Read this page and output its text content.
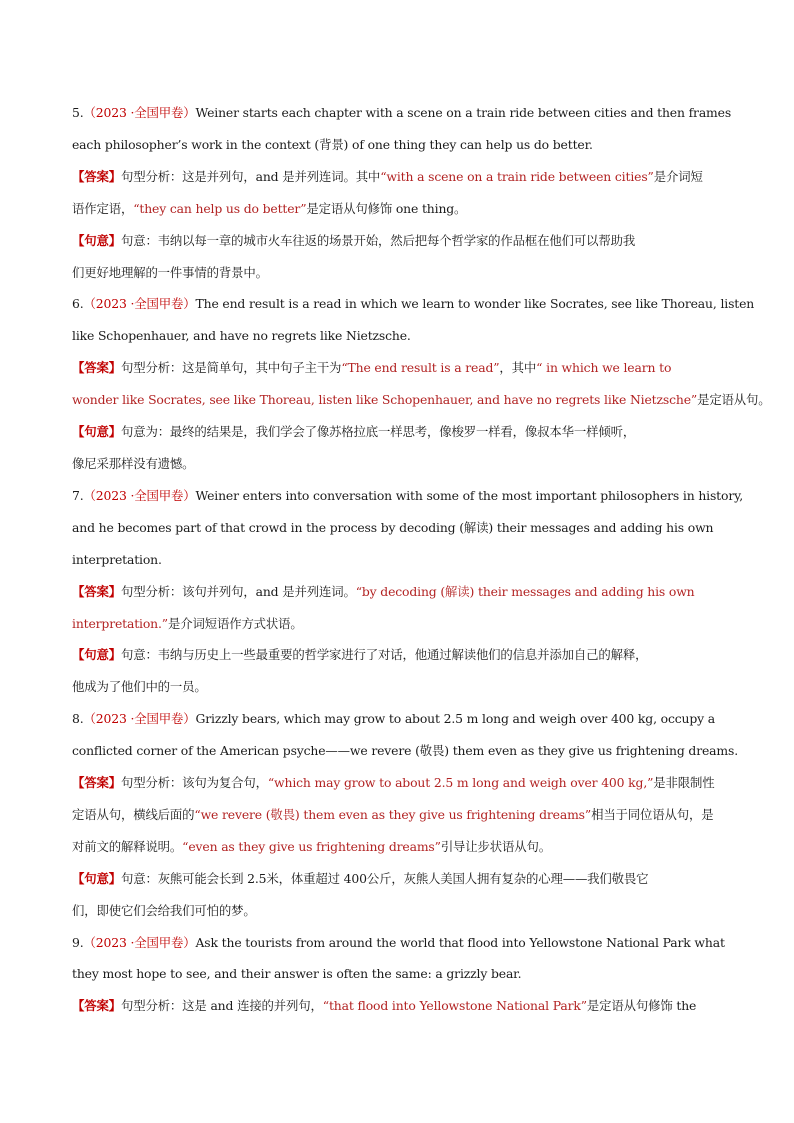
5.（2023 ·全国甲卷）Weiner starts each chapter with a scene on a train ride between cities and then frames
each philosopher’s work in the context (背景) of one thing they can help us do better.
【答案】句型分析：这是并列句，and 是并列连词。其中“with a scene on a train ride between cities”是介词短
语作定语，“they can help us do better”是定语从句修饰 one thing。
【句意】句意：韦纳以每一章的城市火车往返的场景开始，然后把每个哲学家的作品框在他们可以帮助我
们更好地理解的一件事情的背景中。
6.（2023 ·全国甲卷）The end result is a read in which we learn to wonder like Socrates, see like Thoreau, listen
like Schopenhauer, and have no regrets like Nietzsche.
【答案】句型分析：这是简单句，其中句子主干为“The end result is a read”，其中“ in which we learn to
wonder like Socrates, see like Thoreau, listen like Schopenhauer, and have no regrets like Nietzsche”是定语从句。
【句意】句意为：最终的结果是，我们学会了像苏格拉底一样思考，像梭罗一样看，像叔本华一样倾听，
像尼采那样没有遗憾。
7.（2023 ·全国甲卷）Weiner enters into conversation with some of the most important philosophers in history,
and he becomes part of that crowd in the process by decoding (解读) their messages and adding his own
interpretation.
【答案】句型分析：该句并列句，and 是并列连词。“by decoding (解读) their messages and adding his own
interpretation.”是介词短语作方式状语。
【句意】句意：韦纳与历史上一些最重要的哲学家进行了对话，他通过解读他们的信息并添加自己的解释，
他成为了他们中的一员。
8.（2023 ·全国甲卷）Grizzly bears, which may grow to about 2.5 m long and weigh over 400 kg, occupy a
conflicted corner of the American psyche——we revere (敬畏) them even as they give us frightening dreams.
【答案】句型分析：该句为复合句，“which may grow to about 2.5 m long and weigh over 400 kg,”是非限制性
定语从句，横线后面的“we revere (敬畏) them even as they give us frightening dreams”相当于同位语从句，是
对前文的解释说明。“even as they give us frightening dreams”引导让步状语从句。
【句意】句意：灰熊可能会长到 2.5米，体重超过 400公斤，灰熊人美国人拥有复杂的心理——我们敬畏它
们，即使它们会给我们可怕的梦。
9.（2023 ·全国甲卷）Ask the tourists from around the world that flood into Yellowstone National Park what
they most hope to see, and their answer is often the same: a grizzly bear.
【答案】句型分析：这是 and 连接的并列句，“that flood into Yellowstone National Park”是定语从句修饰 the
